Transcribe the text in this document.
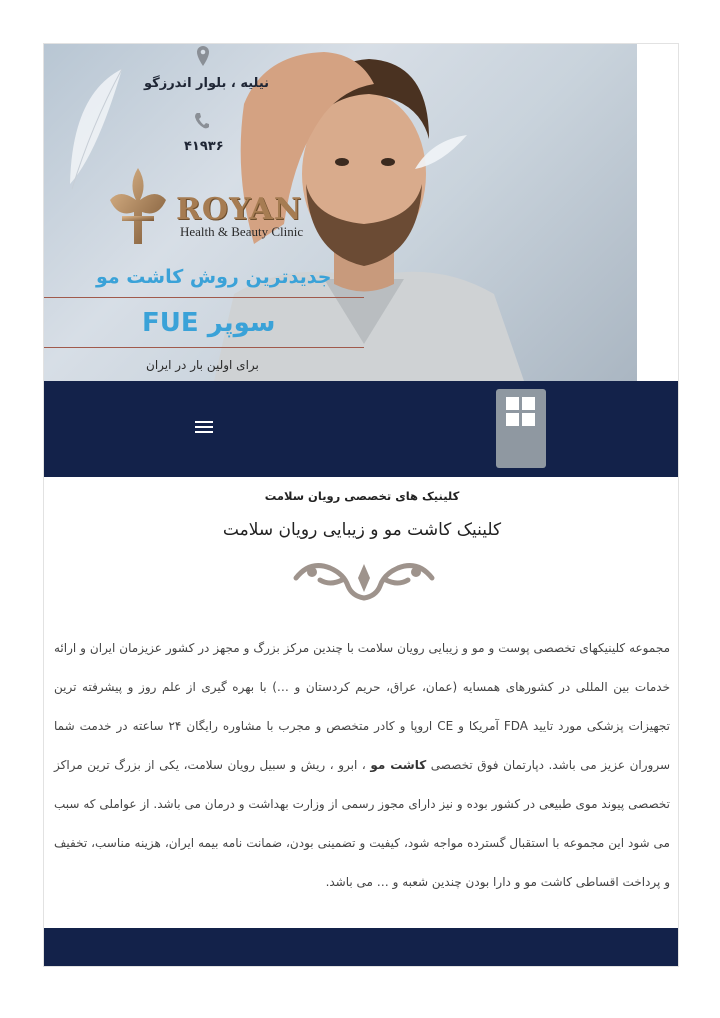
نیلیه ، بلوار اندرزگو
۴۱۹۳۶
ROYAN
Health & Beauty Clinic
جدیدترین روش کاشت مو
سوپر FUE
برای اولین بار در ایران
کلینیک های تخصصی رویان سلامت
کلینیک کاشت مو و زیبایی رویان سلامت
مجموعه کلینیکهای تخصصی پوست و مو و زیبایی رویان سلامت با چندین مرکز بزرگ و مجهز در کشور عزیزمان ایران و ارائه خدمات بین المللی در کشورهای همسایه (عمان، عراق، حریم کردستان و …) با بهره گیری از علم روز و پیشرفته ترین تجهیزات پزشکی مورد تایید FDA آمریکا و CE اروپا و کادر متخصص و مجرب با مشاوره رایگان ۲۴ ساعته در خدمت شما سروران عزیز می باشد. دپارتمان فوق تخصصی کاشت مو ، ابرو ، ریش و سبیل رویان سلامت، یکی از بزرگ ترین مراکز تخصصی پیوند موی طبیعی در کشور بوده و نیز دارای مجوز رسمی از وزارت بهداشت و درمان می باشد. از عواملی که سبب می شود این مجموعه با استقبال گسترده مواجه شود، کیفیت و تضمینی بودن، ضمانت نامه بیمه ایران، هزینه مناسب، تخفیف و پرداخت اقساطی کاشت مو و دارا بودن چندین شعبه و … می باشد.
